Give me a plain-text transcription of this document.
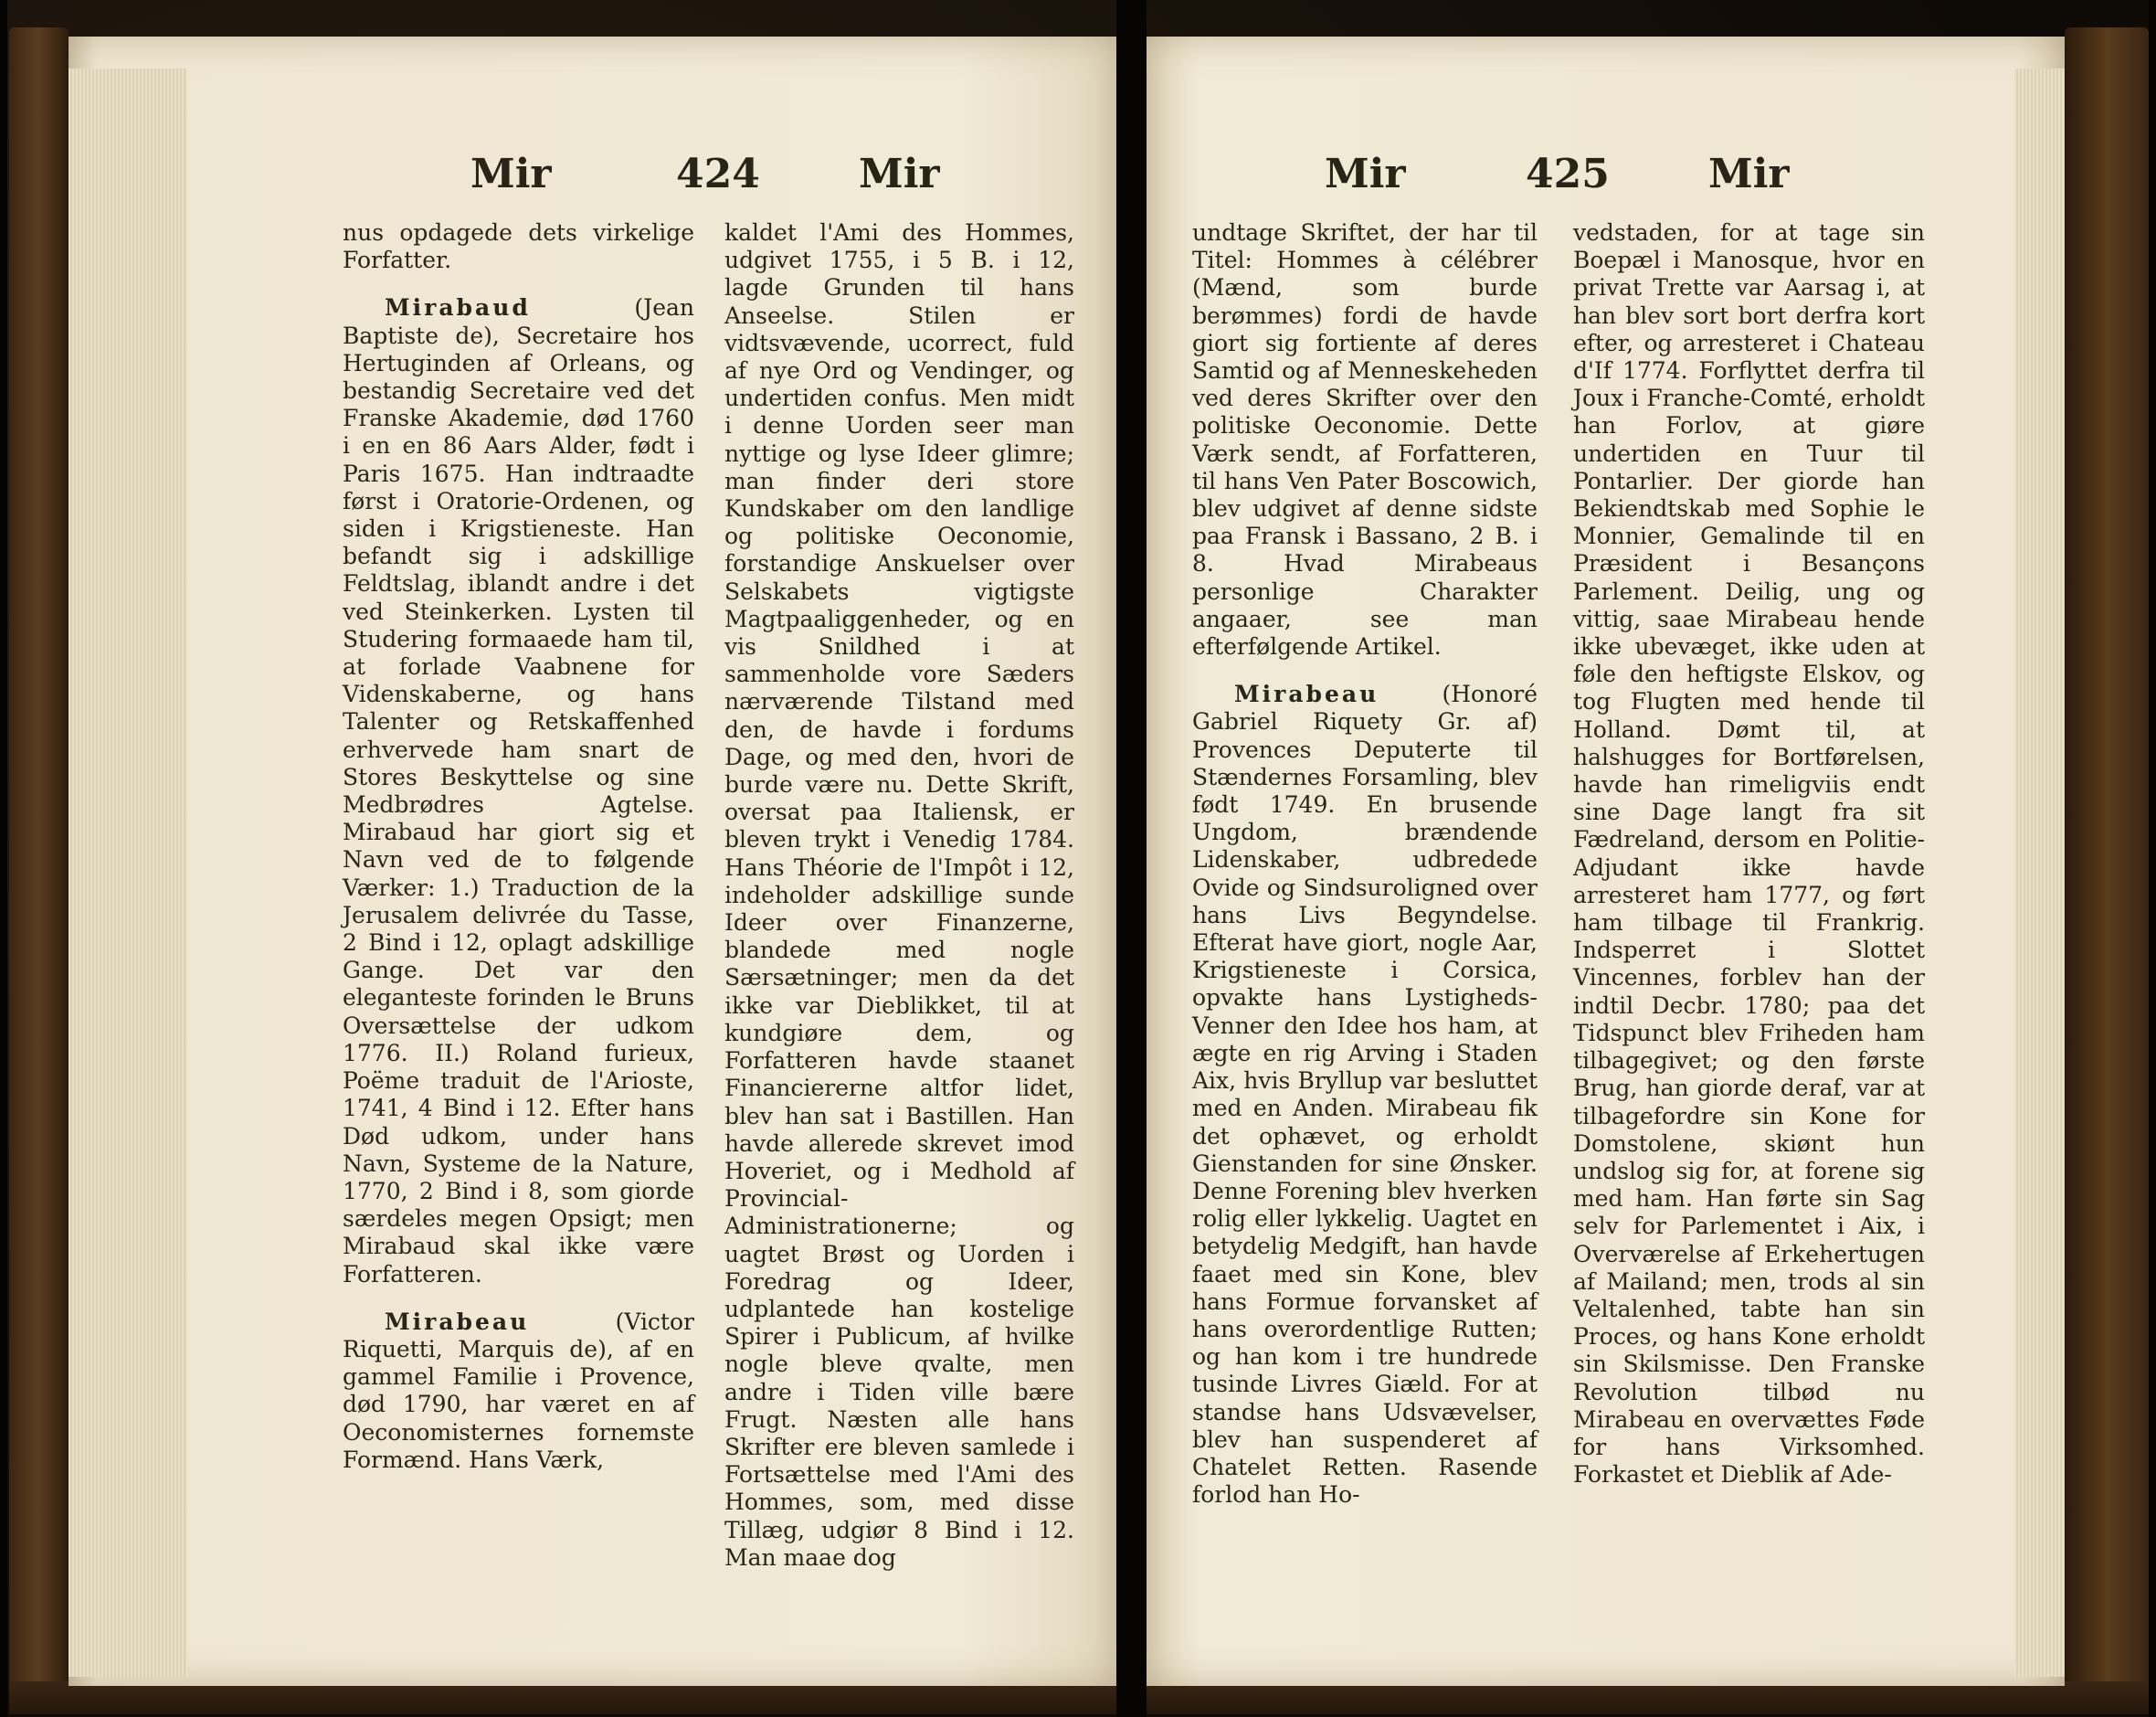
Mir	424 Mir	Mir	425 Mir

nus opdagede dets virkelige Forfatter.

Mirabaud (Jean Baptiste de), Secretaire hos Hertuginden af Orleans, og bestandig Secretaire ved det Franske Akademie, død 1760 i en en 86 Aars Alder, født i Paris 1675. Han indtraadte først i Oratorie-Ordenen, og siden i Krigstieneste. Han befandt sig i adskillige Feldtslag, iblandt andre i det ved Steinkerken. Lysten til Studering formaaede ham til, at forlade Vaabnene for Videnskaberne, og hans Talenter og Retskaffenhed erhvervede ham snart de Stores Beskyttelse og sine Medbrødres Agtelse. Mirabaud har giort sig et Navn ved de to følgende Værker: 1.) Traduction de la Jerusalem delivrée du Tasse, 2 Bind i 12, oplagt adskillige Gange. Det var den eleganteste forinden le Bruns Oversættelse der udkom 1776. II.) Roland furieux, Poëme traduit de l'Arioste, 1741, 4 Bind i 12. Efter hans Død udkom, under hans Navn, Systeme de la Nature, 1770, 2 Bind i 8, som giorde særdeles megen Opsigt; men Mirabaud skal ikke være Forfatteren.

Mirabeau (Victor Riquetti, Marquis de), af en gammel Familie i Provence, død 1790, har været en af Oeconomisternes fornemste Formænd. Hans Værk,

kaldet l'Ami des Hommes, udgivet 1755, i 5 B. i 12, lagde Grunden til hans Anseelse. Stilen er vidtsvævende, ucorrect, fuld af nye Ord og Vendinger, og undertiden confus. Men midt i denne Uorden seer man nyttige og lyse Ideer glimre; man finder deri store Kundskaber om den landlige og politiske Oeconomie, forstandige Anskuelser over Selskabets vigtigste Magtpaaliggenheder, og en vis Snildhed i at sammenholde vore Sæders nærværende Tilstand med den, de havde i fordums Dage, og med den, hvori de burde være nu. Dette Skrift, oversat paa Italiensk, er bleven trykt i Venedig 1784. Hans Théorie de l'Impôt i 12, indeholder adskillige sunde Ideer over Finanzerne, blandede med nogle Særsætninger; men da det ikke var Dieblikket, til at kundgiøre dem, og Forfatteren havde staanet Financiererne altfor lidet, blev han sat i Bastillen. Han havde allerede skrevet imod Hoveriet, og i Medhold af Provincial-Administrationerne; og uagtet Brøst og Uorden i Foredrag og Ideer, udplantede han kostelige Spirer i Publicum, af hvilke nogle bleve qvalte, men andre i Tiden ville bære Frugt. Næsten alle hans Skrifter ere bleven samlede i Fortsættelse med l'Ami des Hommes, som, med disse Tillæg, udgiør 8 Bind i 12. Man maae dog

undtage Skriftet, der har til Titel: Hommes à célébrer (Mænd, som burde berømmes) fordi de havde giort sig fortiente af deres Samtid og af Menneskeheden ved deres Skrifter over den politiske Oeconomie. Dette Værk sendt, af Forfatteren, til hans Ven Pater Boscowich, blev udgivet af denne sidste paa Fransk i Bassano, 2 B. i 8. Hvad Mirabeaus personlige Charakter angaaer, see man efterfølgende Artikel.

Mirabeau (Honoré Gabriel Riquety Gr. af) Provences Deputerte til Stændernes Forsamling, blev født 1749. En brusende Ungdom, brændende Lidenskaber, udbredede Ovide og Sindsuroligned over hans Livs Begyndelse. Efterat have giort, nogle Aar, Krigstieneste i Corsica, opvakte hans Lystigheds-Venner den Idee hos ham, at ægte en rig Arving i Staden Aix, hvis Bryllup var besluttet med en Anden. Mirabeau fik det ophævet, og erholdt Gienstanden for sine Ønsker. Denne Forening blev hverken rolig eller lykkelig. Uagtet en betydelig Medgift, han havde faaet med sin Kone, blev hans Formue forvansket af hans overordentlige Rutten; og han kom i tre hundrede tusinde Livres Giæld. For at standse hans Udsvævelser, blev han suspenderet af Chatelet Retten. Rasende forlod han Ho-

vedstaden, for at tage sin Boepæl i Manosque, hvor en privat Trette var Aarsag i, at han blev sort bort derfra kort efter, og arresteret i Chateau d'If 1774. Forflyttet derfra til Joux i Franche-Comté, erholdt han Forlov, at giøre undertiden en Tuur til Pontarlier. Der giorde han Bekiendtskab med Sophie le Monnier, Gemalinde til en Præsident i Besançons Parlement. Deilig, ung og vittig, saae Mirabeau hende ikke ubevæget, ikke uden at føle den heftigste Elskov, og tog Flugten med hende til Holland. Dømt til, at halshugges for Bortførelsen, havde han rimeligviis endt sine Dage langt fra sit Fædreland, dersom en Politie-Adjudant ikke havde arresteret ham 1777, og ført ham tilbage til Frankrig. Indsperret i Slottet Vincennes, forblev han der indtil Decbr. 1780; paa det Tidspunct blev Friheden ham tilbagegivet; og den første Brug, han giorde deraf, var at tilbagefordre sin Kone for Domstolene, skiønt hun undslog sig for, at forene sig med ham. Han førte sin Sag selv for Parlementet i Aix, i Overværelse af Erkehertugen af Mailand; men, trods al sin Veltalenhed, tabte han sin Proces, og hans Kone erholdt sin Skilsmisse. Den Franske Revolution tilbød nu Mirabeau en overvættes Føde for hans Virksomhed. Forkastet et Dieblik af Ade-
